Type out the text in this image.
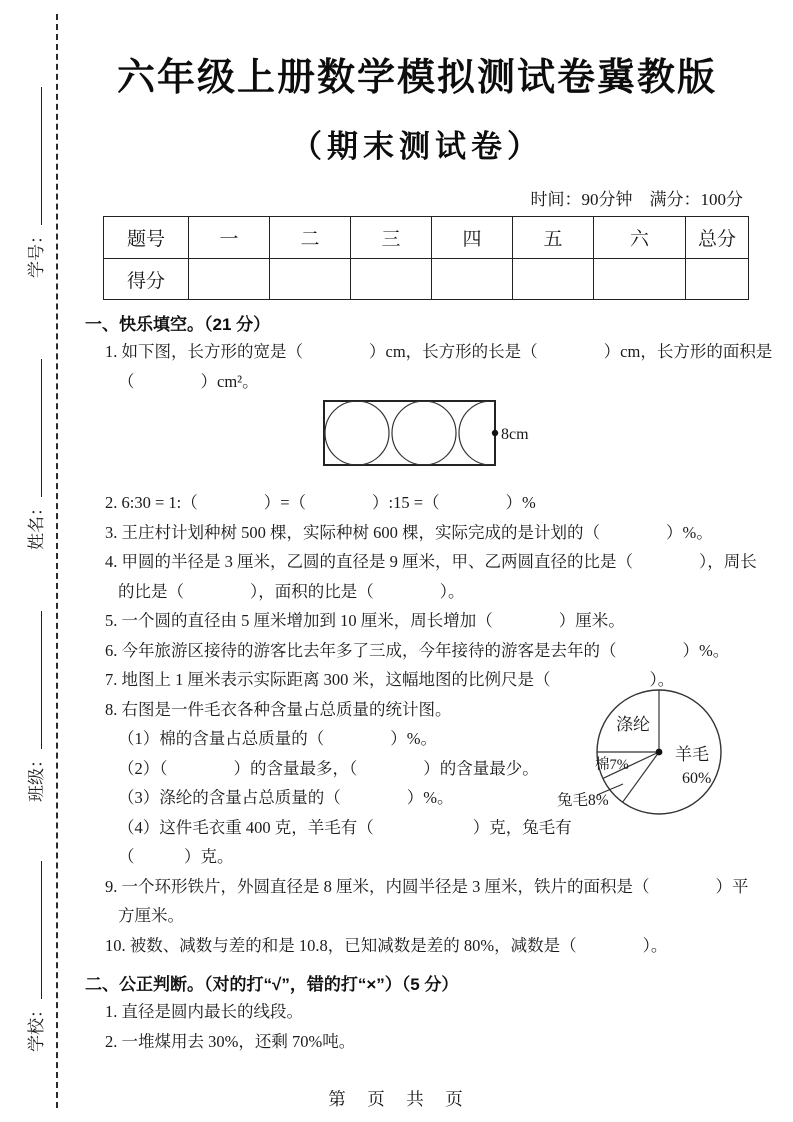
学号：
姓名：
班级：
学校：
六年级上册数学模拟测试卷冀教版
（期末测试卷）
时间：90分钟　满分：100分
题号	一	二	三	四	五	六	总分
得分							
一、快乐填空。（21 分）
1. 如下图，长方形的宽是（　　　　）cm，长方形的长是（　　　　）cm，长方形的面积是
（　　　　）cm²。
8cm
2. 6:30 = 1:（　　　　）=（　　　　）:15 =（　　　　）%
3. 王庄村计划种树 500 棵，实际种树 600 棵，实际完成的是计划的（　　　　）%。
4. 甲圆的半径是 3 厘米，乙圆的直径是 9 厘米，甲、乙两圆直径的比是（　　　　），周长
的比是（　　　　），面积的比是（　　　　）。
5. 一个圆的直径由 5 厘米增加到 10 厘米，周长增加（　　　　）厘米。
6. 今年旅游区接待的游客比去年多了三成，今年接待的游客是去年的（　　　　）%。
7. 地图上 1 厘米表示实际距离 300 米，这幅地图的比例尺是（　　　　　　）。
8. 右图是一件毛衣各种含量占总质量的统计图。
（1）棉的含量占总质量的（　　　　）%。
（2）（　　　　）的含量最多，（　　　　）的含量最少。
（3）涤纶的含量占总质量的（　　　　）%。
（4）这件毛衣重 400 克，羊毛有（　　　　　　）克，兔毛有
（　　　）克。
9. 一个环形铁片，外圆直径是 8 厘米，内圆半径是 3 厘米，铁片的面积是（　　　　）平
方厘米。
10. 被数、减数与差的和是 10.8，已知减数是差的 80%，减数是（　　　　）。
二、公正判断。（对的打“√”，错的打“×”）（5 分）
1. 直径是圆内最长的线段。
2. 一堆煤用去 30%，还剩 70%吨。
涤纶
羊毛
60%
棉7%
兔毛8%
第　页　共　页
